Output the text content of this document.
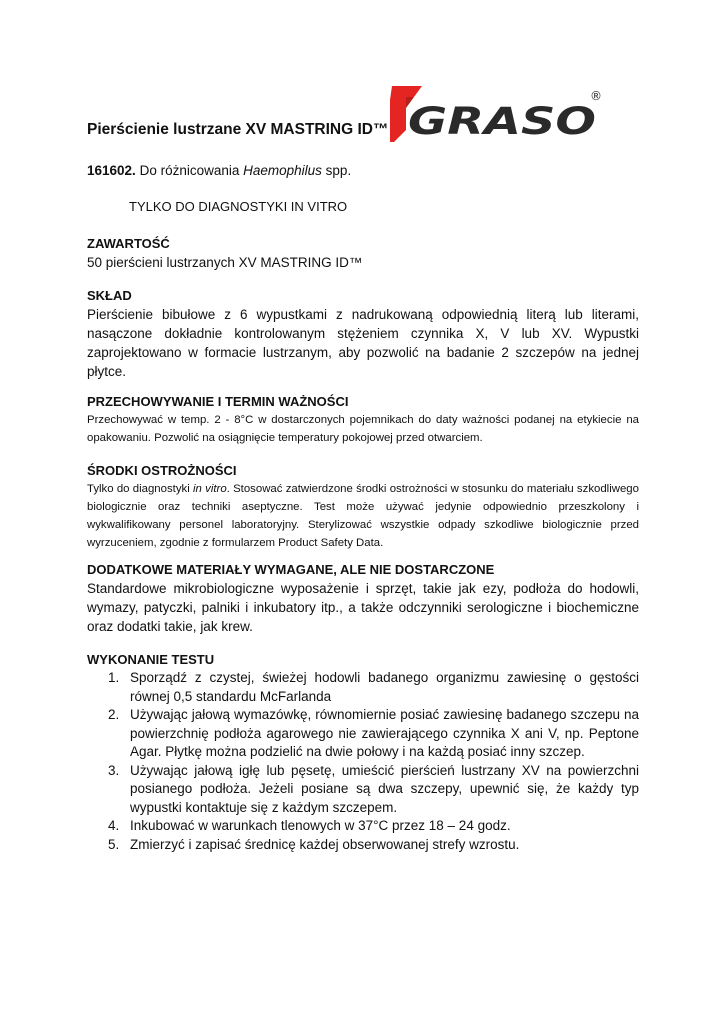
GRASO
®
Pierścienie lustrzane XV MASTRING ID™
161602. Do różnicowania Haemophilus spp.
TYLKO DO DIAGNOSTYKI IN VITRO
ZAWARTOŚĆ

50 pierścieni lustrzanych XV MASTRING ID™

SKŁAD

Pierścienie bibułowe z 6 wypustkami z nadrukowaną odpowiednią literą lub literami, nasączone dokładnie kontrolowanym stężeniem czynnika X, V lub XV. Wypustki zaprojektowano w formacie lustrzanym, aby pozwolić na badanie 2 szczepów na jednej płytce.

PRZECHOWYWANIE I TERMIN WAŻNOŚCI

Przechowywać w temp. 2 - 8°C w dostarczonych pojemnikach do daty ważności podanej na etykiecie na opakowaniu. Pozwolić na osiągnięcie temperatury pokojowej przed otwarciem.

ŚRODKI OSTROŻNOŚCI

Tylko do diagnostyki in vitro. Stosować zatwierdzone środki ostrożności w stosunku do materiału szkodliwego biologicznie oraz techniki aseptyczne. Test może używać jedynie odpowiednio przeszkolony i wykwalifikowany personel laboratoryjny. Sterylizować wszystkie odpady szkodliwe biologicznie przed wyrzuceniem, zgodnie z formularzem Product Safety Data.

DODATKOWE MATERIAŁY WYMAGANE, ALE NIE DOSTARCZONE

Standardowe mikrobiologiczne wyposażenie i sprzęt, takie jak ezy, podłoża do hodowli, wymazy, patyczki, palniki i inkubatory itp., a także odczynniki serologiczne i biochemiczne oraz dodatki takie, jak krew.

WYKONANIE TESTU
1. Sporządź z czystej, świeżej hodowli badanego organizmu zawiesinę o gęstości równej 0,5 standardu McFarlanda
2. Używając jałową wymazówkę, równomiernie posiać zawiesinę badanego szczepu na powierzchnię podłoża agarowego nie zawierającego czynnika X ani V, np. Peptone Agar. Płytkę można podzielić na dwie połowy i na każdą posiać inny szczep.
3. Używając jałową igłę lub pęsetę, umieścić pierścień lustrzany XV na powierzchni posianego podłoża. Jeżeli posiane są dwa szczepy, upewnić się, że każdy typ wypustki kontaktuje się z każdym szczepem.
4. Inkubować w warunkach tlenowych w 37°C przez 18 – 24 godz.
5. Zmierzyć i zapisać średnicę każdej obserwowanej strefy wzrostu.
